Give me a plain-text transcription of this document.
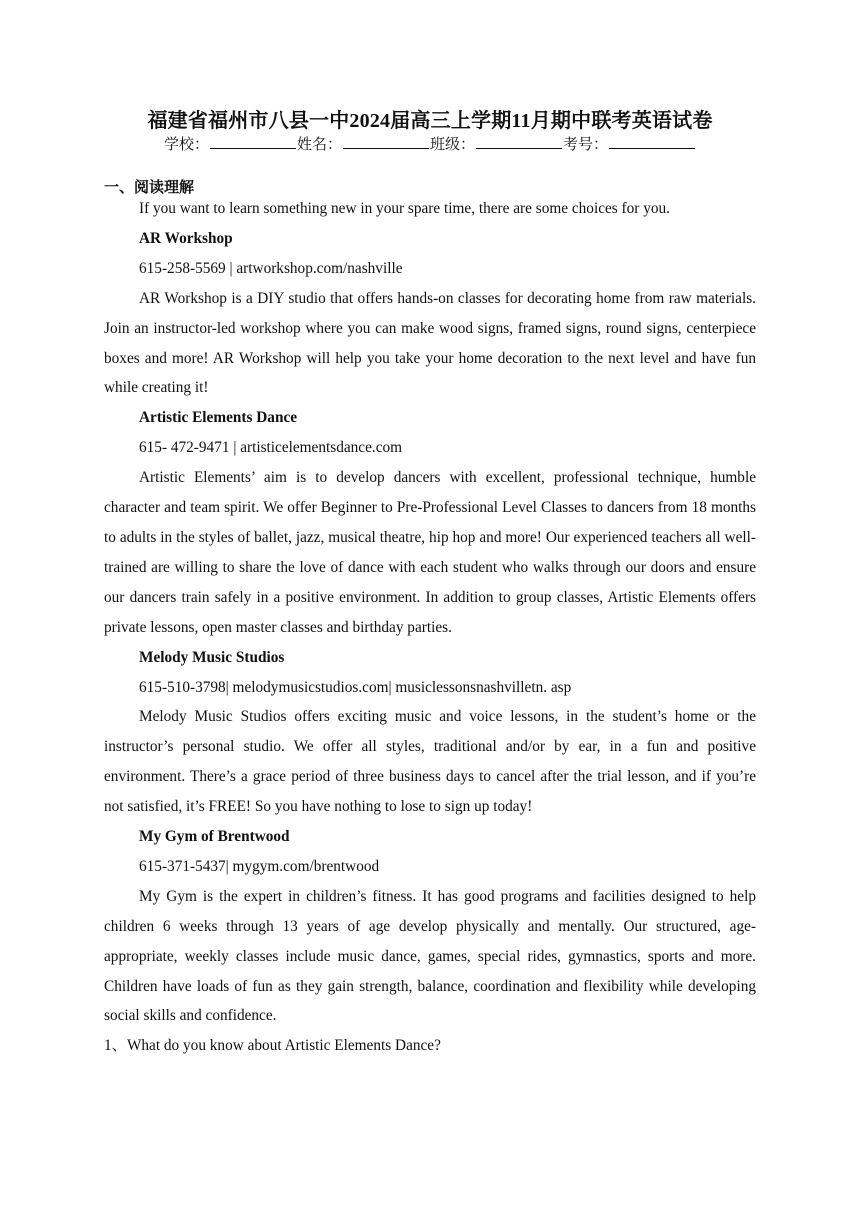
福建省福州市八县一中2024届高三上学期11月期中联考英语试卷
学校：	姓名：	班级：	考号：
一、阅读理解

If you want to learn something new in your spare time, there are some choices for you.

AR Workshop

615-258-5569 | artworkshop.com/nashville

AR Workshop is a DIY studio that offers hands-on classes for decorating home from raw materials. Join an instructor-led workshop where you can make wood signs, framed signs, round signs, centerpiece boxes and more! AR Workshop will help you take your home decoration to the next level and have fun while creating it!

Artistic Elements Dance

615- 472-9471 | artisticelementsdance.com

Artistic Elements’ aim is to develop dancers with excellent, professional technique, humble character and team spirit. We offer Beginner to Pre-Professional Level Classes to dancers from 18 months to adults in the styles of ballet, jazz, musical theatre, hip hop and more! Our experienced teachers all well-trained are willing to share the love of dance with each student who walks through our doors and ensure our dancers train safely in a positive environment. In addition to group classes, Artistic Elements offers private lessons, open master classes and birthday parties.

Melody Music Studios

615-510-3798| melodymusicstudios.com| musiclessonsnashvilletn. asp

Melody Music Studios offers exciting music and voice lessons, in the student’s home or the instructor’s personal studio. We offer all styles, traditional and/or by ear, in a fun and positive environment. There’s a grace period of three business days to cancel after the trial lesson, and if you’re not satisfied, it’s FREE! So you have nothing to lose to sign up today!

My Gym of Brentwood

615-371-5437| mygym.com/brentwood

My Gym is the expert in children’s fitness. It has good programs and facilities designed to help children 6 weeks through 13 years of age develop physically and mentally. Our structured, age-appropriate, weekly classes include music dance, games, special rides, gymnastics, sports and more. Children have loads of fun as they gain strength, balance, coordination and flexibility while developing social skills and confidence.

1、What do you know about Artistic Elements Dance?
